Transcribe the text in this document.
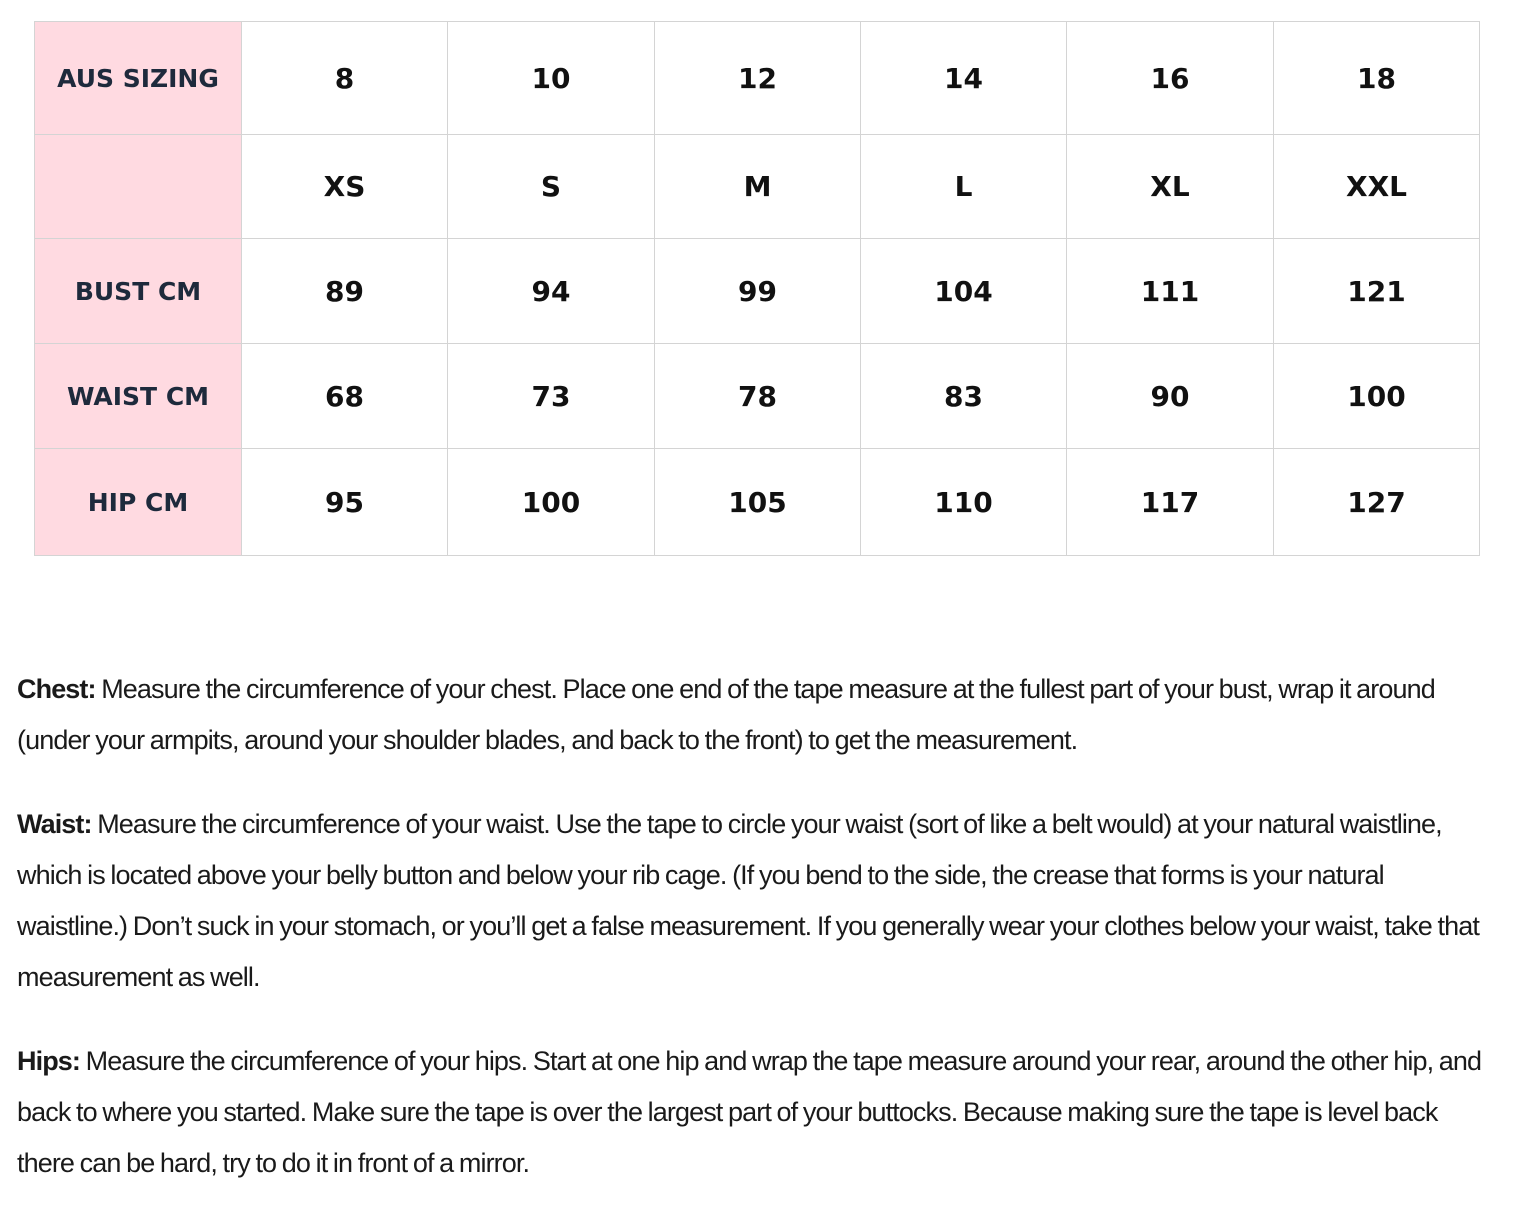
AUS SIZING	8	10	12	14	16	18
	XS	S	M	L	XL	XXL
BUST CM	89	94	99	104	111	121
WAIST CM	68	73	78	83	90	100
HIP CM	95	100	105	110	117	127

Chest: Measure the circumference of your chest. Place one end of the tape measure at the fullest part of your bust, wrap it around (under your armpits, around your shoulder blades, and back to the front) to get the measurement.

Waist: Measure the circumference of your waist. Use the tape to circle your waist (sort of like a belt would) at your natural waistline, which is located above your belly button and below your rib cage. (If you bend to the side, the crease that forms is your natural waistline.) Don’t suck in your stomach, or you’ll get a false measurement. If you generally wear your clothes below your waist, take that measurement as well.

Hips: Measure the circumference of your hips. Start at one hip and wrap the tape measure around your rear, around the other hip, and back to where you started. Make sure the tape is over the largest part of your buttocks. Because making sure the tape is level back there can be hard, try to do it in front of a mirror.
